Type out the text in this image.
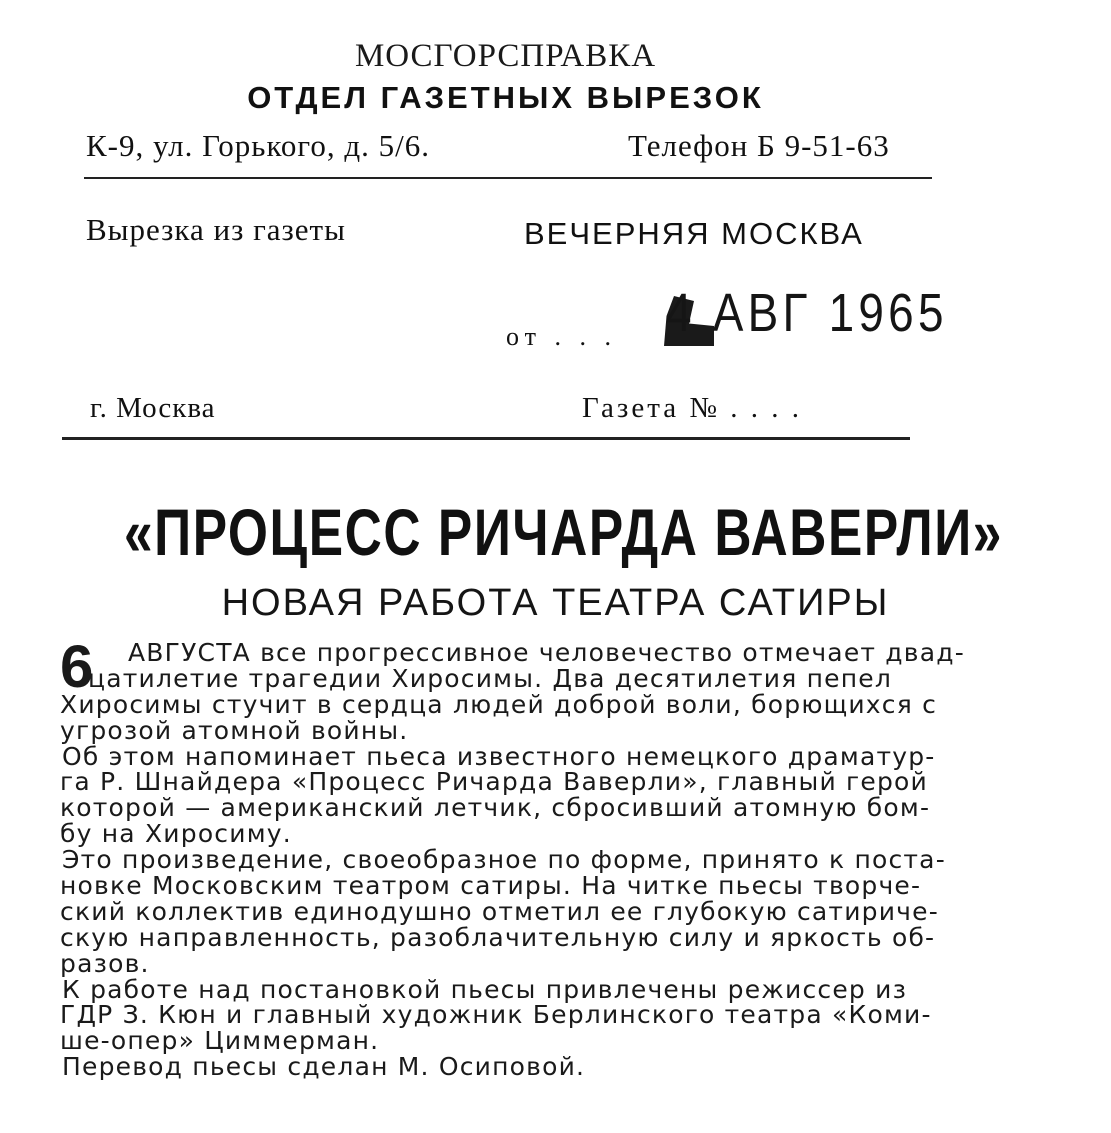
МОСГОРСПРАВКА
ОТДЕЛ ГАЗЕТНЫХ ВЫРЕЗОК
К-9, ул. Горького, д. 5/6.	Телефон Б 9-51-63
Вырезка из газеты	ВЕЧЕРНЯЯ МОСКВА
от . . . 4 АВГ 1965
г. Москва	Газета № . . . .
«ПРОЦЕСС РИЧАРДА ВАВЕРЛИ»
НОВАЯ РАБОТА ТЕАТРА САТИРЫ
6	АВГУСТА все прогрессивное человечество отмечает двад-
цатилетие трагедии Хиросимы. Два десятилетия пепел
Хиросимы стучит в сердца людей доброй воли, борющихся с
угрозой атомной войны.
Об этом напоминает пьеса известного немецкого драматур-
га Р. Шнайдера «Процесс Ричарда Ваверли», главный герой
которой — американский летчик, сбросивший атомную бом-
бу на Хиросиму.
Это произведение, своеобразное по форме, принято к поста-
новке Московским театром сатиры. На читке пьесы творче-
ский коллектив единодушно отметил ее глубокую сатириче-
скую направленность, разоблачительную силу и яркость об-
разов.
К работе над постановкой пьесы привлечены режиссер из
ГДР З. Кюн и главный художник Берлинского театра «Коми-
ше-опер» Циммерман.
Перевод пьесы сделан М. Осиповой.
